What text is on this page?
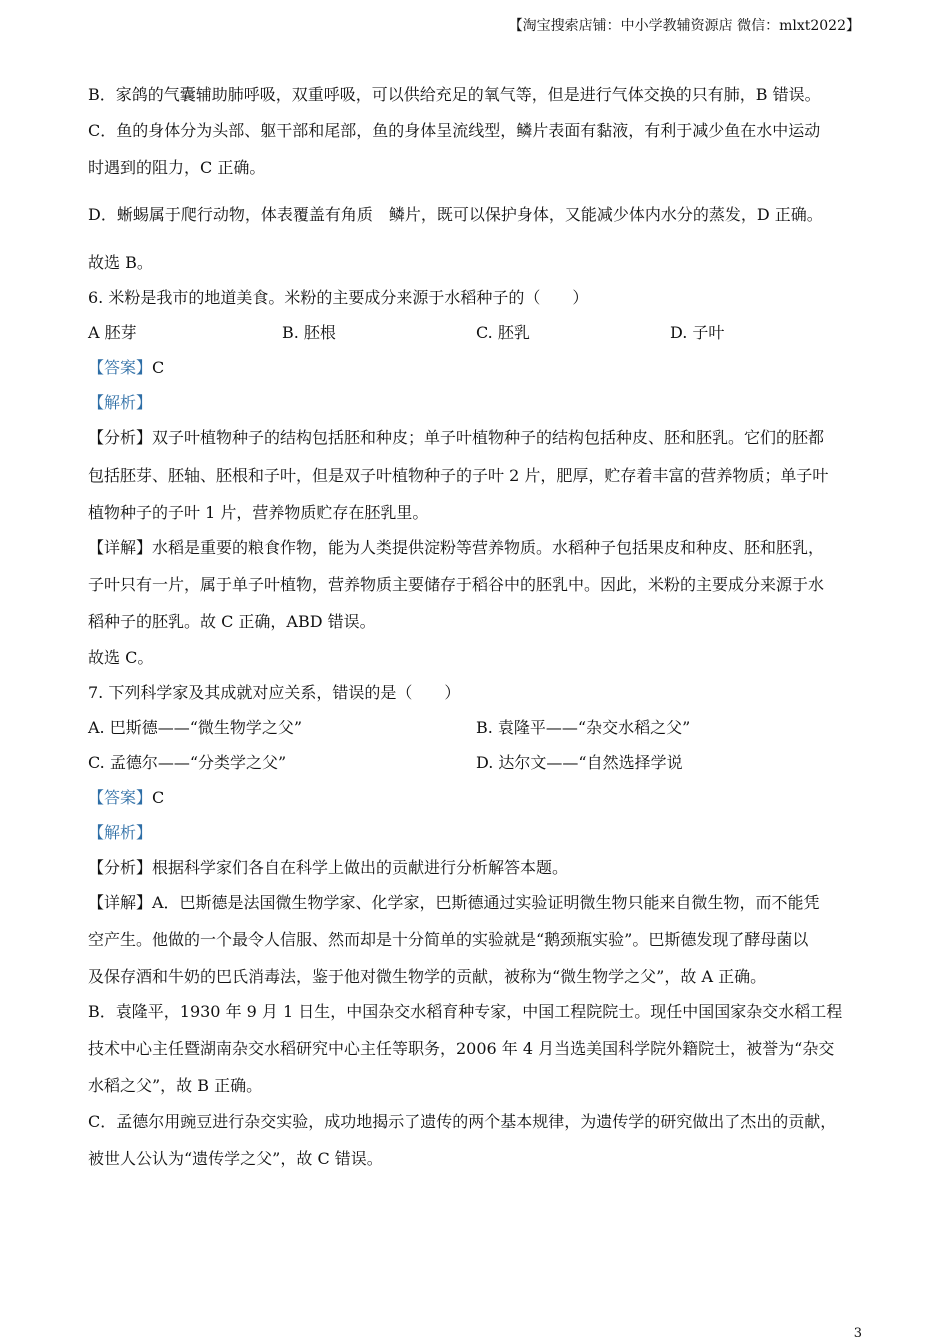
【淘宝搜索店铺：中小学教辅资源店 微信：mlxt2022】
B．家鸽的气囊辅助肺呼吸，双重呼吸，可以供给充足的氧气等，但是进行气体交换的只有肺，B 错误。
C．鱼的身体分为头部、躯干部和尾部，鱼的身体呈流线型，鳞片表面有黏液，有利于减少鱼在水中运动
时遇到的阻力，C 正确。
D．蜥蜴属于爬行动物，体表覆盖有角质　鳞片，既可以保护身体，又能减少体内水分的蒸发，D 正确。
故选 B。
6. 米粉是我市的地道美食。米粉的主要成分来源于水稻种子的（　　）
A 胚芽	B. 胚根	C. 胚乳	D. 子叶
【答案】C
【解析】
【分析】双子叶植物种子的结构包括胚和种皮；单子叶植物种子的结构包括种皮、胚和胚乳。它们的胚都
包括胚芽、胚轴、胚根和子叶，但是双子叶植物种子的子叶 2 片，肥厚，贮存着丰富的营养物质；单子叶
植物种子的子叶 1 片，营养物质贮存在胚乳里。
【详解】水稻是重要的粮食作物，能为人类提供淀粉等营养物质。水稻种子包括果皮和种皮、胚和胚乳，
子叶只有一片，属于单子叶植物，营养物质主要储存于稻谷中的胚乳中。因此，米粉的主要成分来源于水
稻种子的胚乳。故 C 正确，ABD 错误。
故选 C。
7. 下列科学家及其成就对应关系，错误的是（　　）
A. 巴斯德——“微生物学之父”	B. 袁隆平——“杂交水稻之父”
C. 孟德尔——“分类学之父”	D. 达尔文——“自然选择学说
【答案】C
【解析】
【分析】根据科学家们各自在科学上做出的贡献进行分析解答本题。
【详解】A．巴斯德是法国微生物学家、化学家，巴斯德通过实验证明微生物只能来自微生物，而不能凭
空产生。他做的一个最令人信服、然而却是十分简单的实验就是“鹅颈瓶实验”。巴斯德发现了酵母菌以
及保存酒和牛奶的巴氏消毒法，鉴于他对微生物学的贡献，被称为“微生物学之父”，故 A 正确。
B．袁隆平，1930 年 9 月 1 日生，中国杂交水稻育种专家，中国工程院院士。现任中国国家杂交水稻工程
技术中心主任暨湖南杂交水稻研究中心主任等职务，2006 年 4 月当选美国科学院外籍院士，被誉为“杂交
水稻之父”，故 B 正确。
C．孟德尔用豌豆进行杂交实验，成功地揭示了遗传的两个基本规律，为遗传学的研究做出了杰出的贡献，
被世人公认为“遗传学之父”，故 C 错误。
3
